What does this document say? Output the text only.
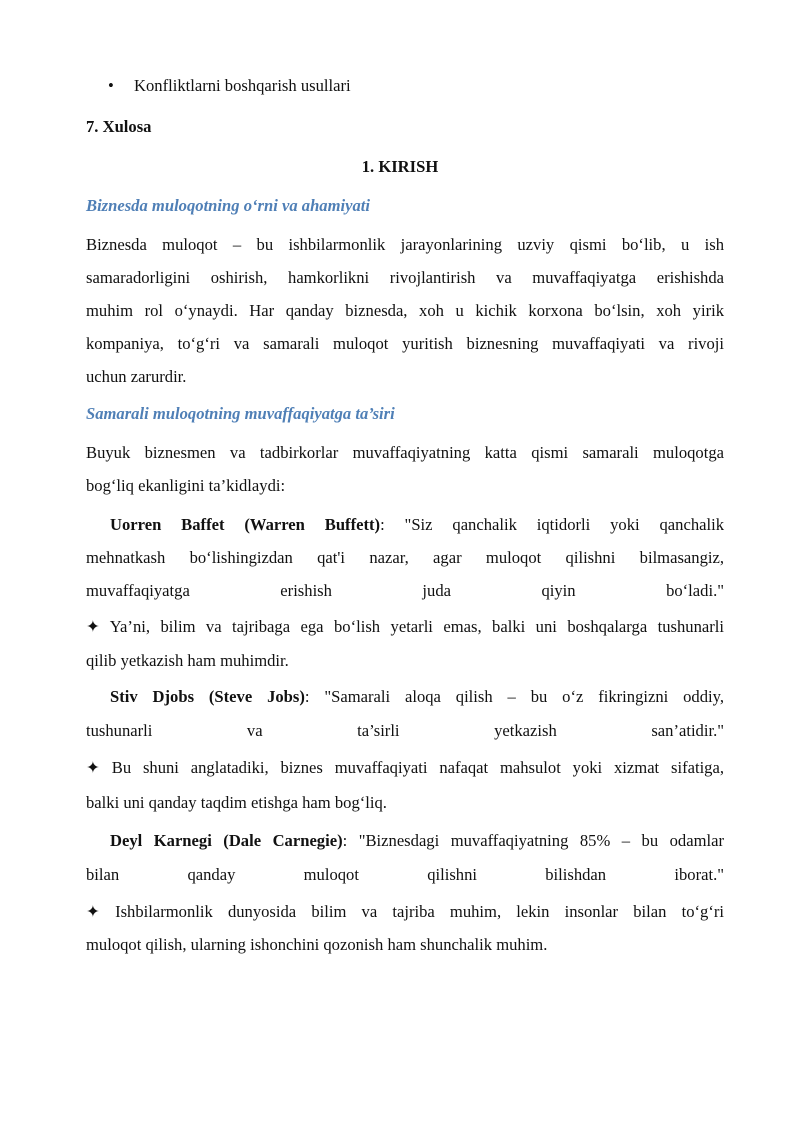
• Konfliktlarni boshqarish usullari
7. Xulosa
1. KIRISH
Biznesda muloqotning o‘rni va ahamiyati
Biznesda muloqot – bu ishbilarmonlik jarayonlarining uzviy qismi bo‘lib, u ish
samaradorligini oshirish, hamkorlikni rivojlantirish va muvaffaqiyatga erishishda
muhim rol o‘ynaydi. Har qanday biznesda, xoh u kichik korxona bo‘lsin, xoh yirik
kompaniya, to‘g‘ri va samarali muloqot yuritish biznesning muvaffaqiyati va rivoji
uchun zarurdir.
Samarali muloqotning muvaffaqiyatga ta’siri
Buyuk biznesmen va tadbirkorlar muvaffaqiyatning katta qismi samarali muloqotga
bog‘liq ekanligini ta’kidlaydi:
Uorren Baffet (Warren Buffett): "Siz qanchalik iqtidorli yoki qanchalik
mehnatkash bo‘lishingizdan qat'i nazar, agar muloqot qilishni bilmasangiz,
muvaffaqiyatga erishish juda qiyin bo‘ladi."
✦ Ya’ni, bilim va tajribaga ega bo‘lish yetarli emas, balki uni boshqalarga tushunarli
qilib yetkazish ham muhimdir.
Stiv Djobs (Steve Jobs): "Samarali aloqa qilish – bu o‘z fikringizni oddiy,
tushunarli va ta’sirli yetkazish san’atidir."
✦ Bu shuni anglatadiki, biznes muvaffaqiyati nafaqat mahsulot yoki xizmat sifatiga,
balki uni qanday taqdim etishga ham bog‘liq.
Deyl Karnegi (Dale Carnegie): "Biznesdagi muvaffaqiyatning 85% – bu odamlar
bilan qanday muloqot qilishni bilishdan iborat."
✦ Ishbilarmonlik dunyosida bilim va tajriba muhim, lekin insonlar bilan to‘g‘ri
muloqot qilish, ularning ishonchini qozonish ham shunchalik muhim.
